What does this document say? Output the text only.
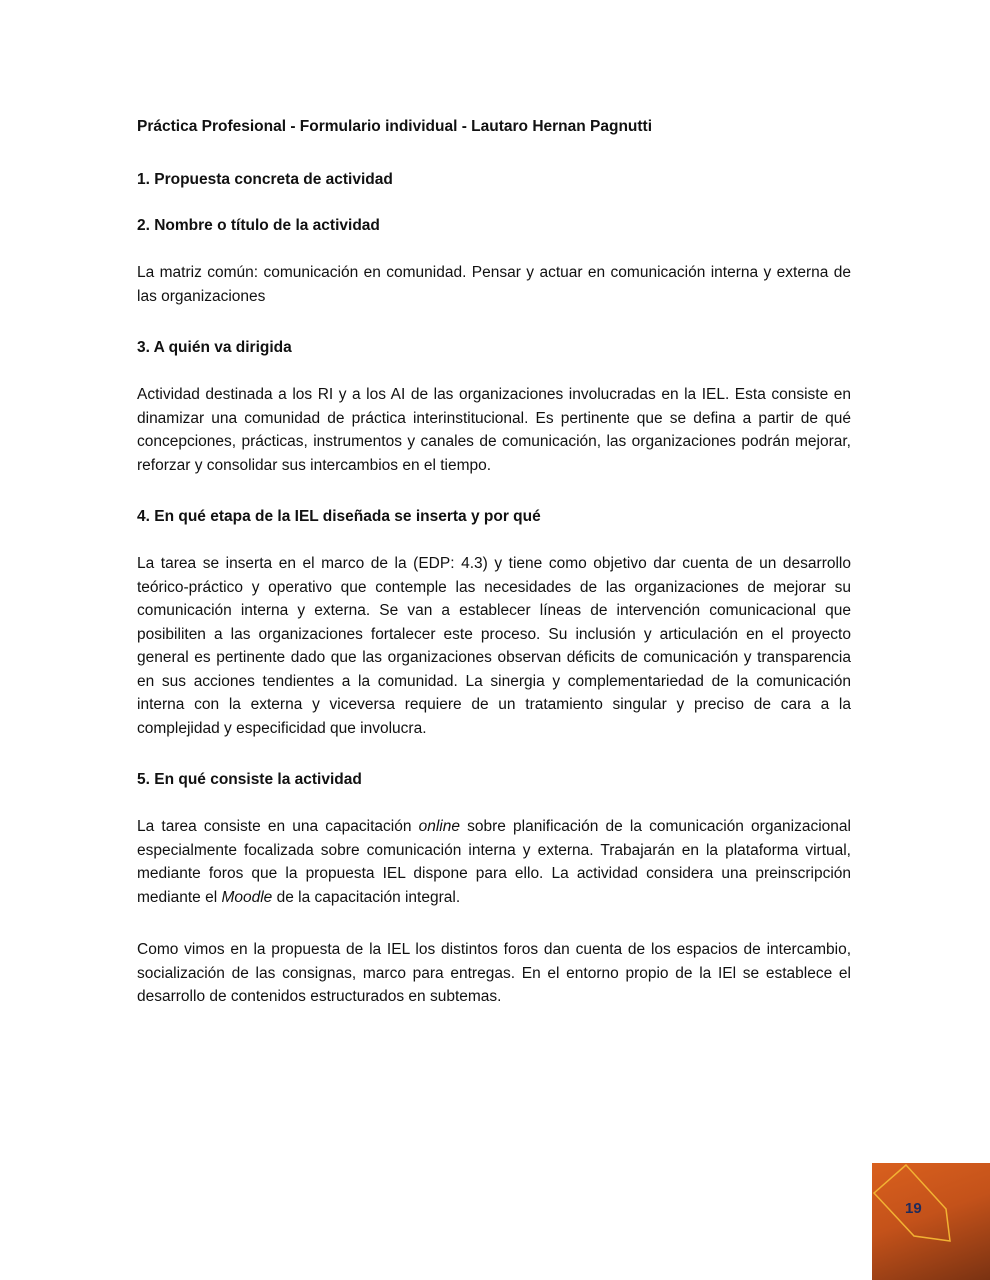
Práctica Profesional - Formulario individual - Lautaro Hernan Pagnutti

1. Propuesta concreta de actividad

2. Nombre o título de la actividad

La matriz común: comunicación en comunidad. Pensar y actuar en comunicación interna y externa de las organizaciones

3. A quién va dirigida

Actividad destinada a los RI y a los AI de las organizaciones involucradas en la IEL. Esta consiste en dinamizar una comunidad de práctica interinstitucional. Es pertinente que se defina a partir de qué concepciones, prácticas, instrumentos y canales de comunicación, las organizaciones podrán mejorar, reforzar y consolidar sus intercambios en el tiempo.

4. En qué etapa de la IEL diseñada se inserta y por qué

La tarea se inserta en el marco de la (EDP: 4.3) y tiene como objetivo dar cuenta de un desarrollo teórico-práctico y operativo que contemple las necesidades de las organizaciones de mejorar su comunicación interna y externa. Se van a establecer líneas de intervención comunicacional que posibiliten a las organizaciones fortalecer este proceso. Su inclusión y articulación en el proyecto general es pertinente dado que las organizaciones observan déficits de comunicación y transparencia en sus acciones tendientes a la comunidad. La sinergia y complementariedad de la comunicación interna con la externa y viceversa requiere de un tratamiento singular y preciso de cara a la complejidad y especificidad que involucra.

5. En qué consiste la actividad

La tarea consiste en una capacitación online sobre planificación de la comunicación organizacional especialmente focalizada sobre comunicación interna y externa. Trabajarán en la plataforma virtual, mediante foros que la propuesta IEL dispone para ello. La actividad considera una preinscripción mediante el Moodle de la capacitación integral.

Como vimos en la propuesta de la IEL los distintos foros dan cuenta de los espacios de intercambio, socialización de las consignas, marco para entregas. En el entorno propio de la IEl se establece el desarrollo de contenidos estructurados en subtemas.

19
